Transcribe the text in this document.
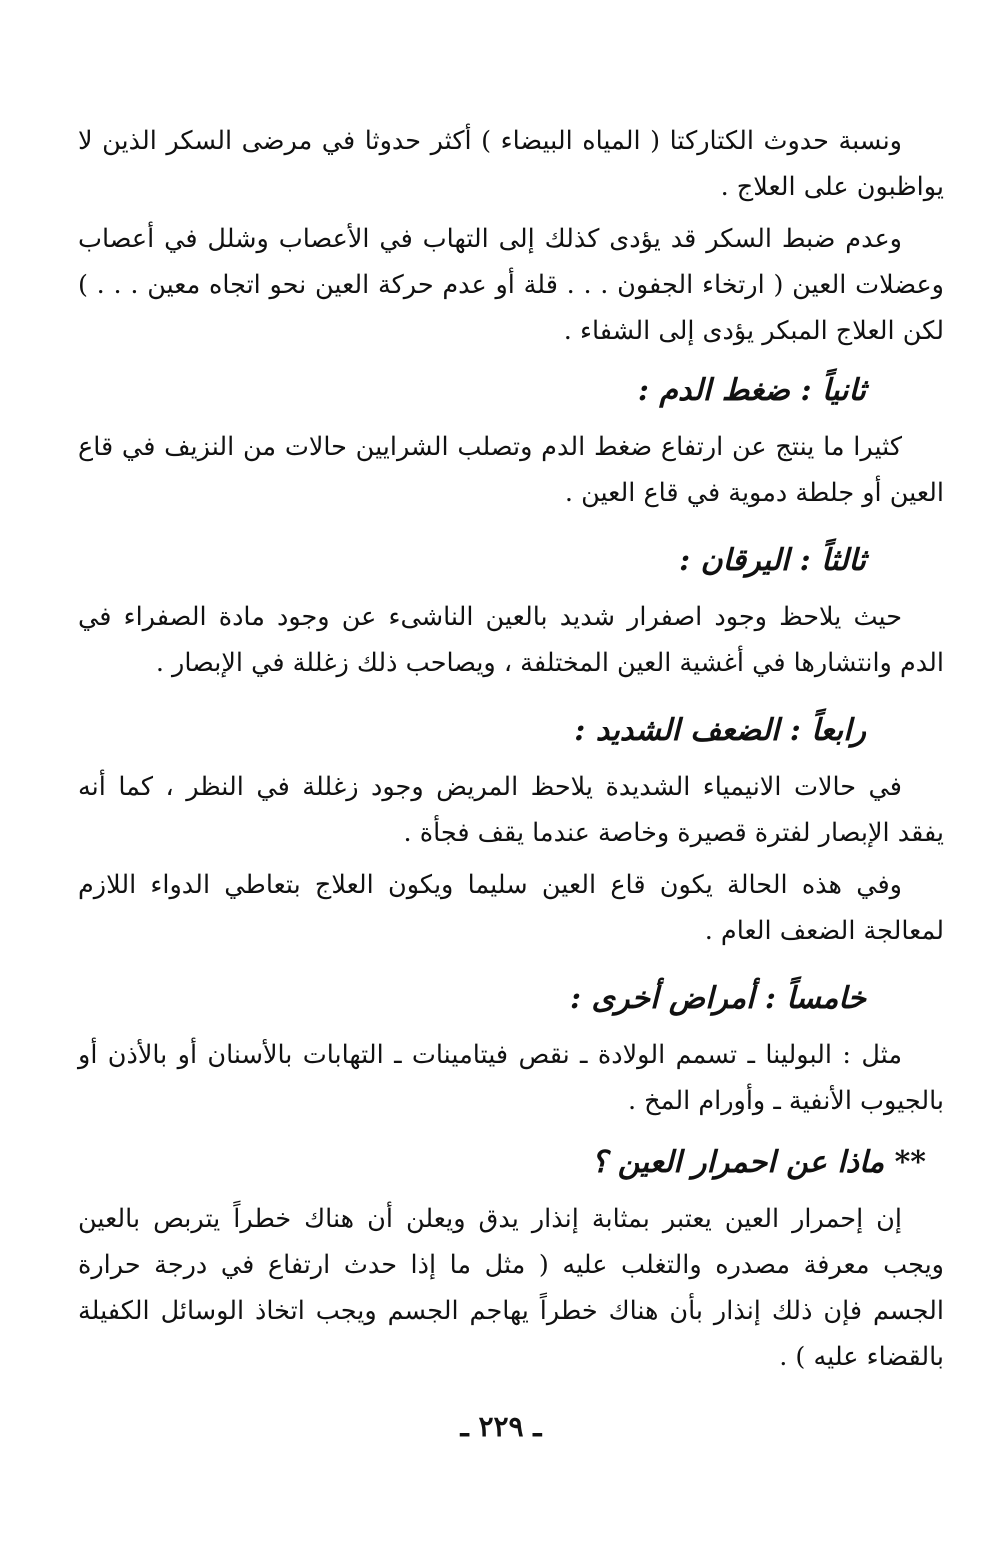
ونسبة حدوث الكتاركتا ( المياه البيضاء ) أكثر حدوثا في مرضى السكر الذين لا يواظبون على العلاج .

وعدم ضبط السكر قد يؤدى كذلك إلى التهاب في الأعصاب وشلل في أعصاب وعضلات العين ( ارتخاء الجفون . . . قلة أو عدم حركة العين نحو اتجاه معين . . . ) لكن العلاج المبكر يؤدى إلى الشفاء .

ثانياً : ضغط الدم :

كثيرا ما ينتج عن ارتفاع ضغط الدم وتصلب الشرايين حالات من النزيف في قاع العين أو جلطة دموية في قاع العين .

ثالثاً : اليرقان :

حيث يلاحظ وجود اصفرار شديد بالعين الناشىء عن وجود مادة الصفراء في الدم وانتشارها في أغشية العين المختلفة ، ويصاحب ذلك زغللة في الإبصار .

رابعاً : الضعف الشديد :

في حالات الانيمياء الشديدة يلاحظ المريض وجود زغللة في النظر ، كما أنه يفقد الإبصار لفترة قصيرة وخاصة عندما يقف فجأة .

وفي هذه الحالة يكون قاع العين سليما ويكون العلاج بتعاطي الدواء اللازم لمعالجة الضعف العام .

خامساً : أمراض أخرى :

مثل : البولينا ـ تسمم الولادة ـ نقص فيتامينات ـ التهابات بالأسنان أو بالأذن أو بالجيوب الأنفية ـ وأورام المخ .

** ماذا عن احمرار العين ؟

إن إحمرار العين يعتبر بمثابة إنذار يدق ويعلن أن هناك خطراً يتربص بالعين ويجب معرفة مصدره والتغلب عليه ( مثل ما إذا حدث ارتفاع في درجة حرارة الجسم فإن ذلك إنذار بأن هناك خطراً يهاجم الجسم ويجب اتخاذ الوسائل الكفيلة بالقضاء عليه ) .

ـ ٢٢٩ ـ
